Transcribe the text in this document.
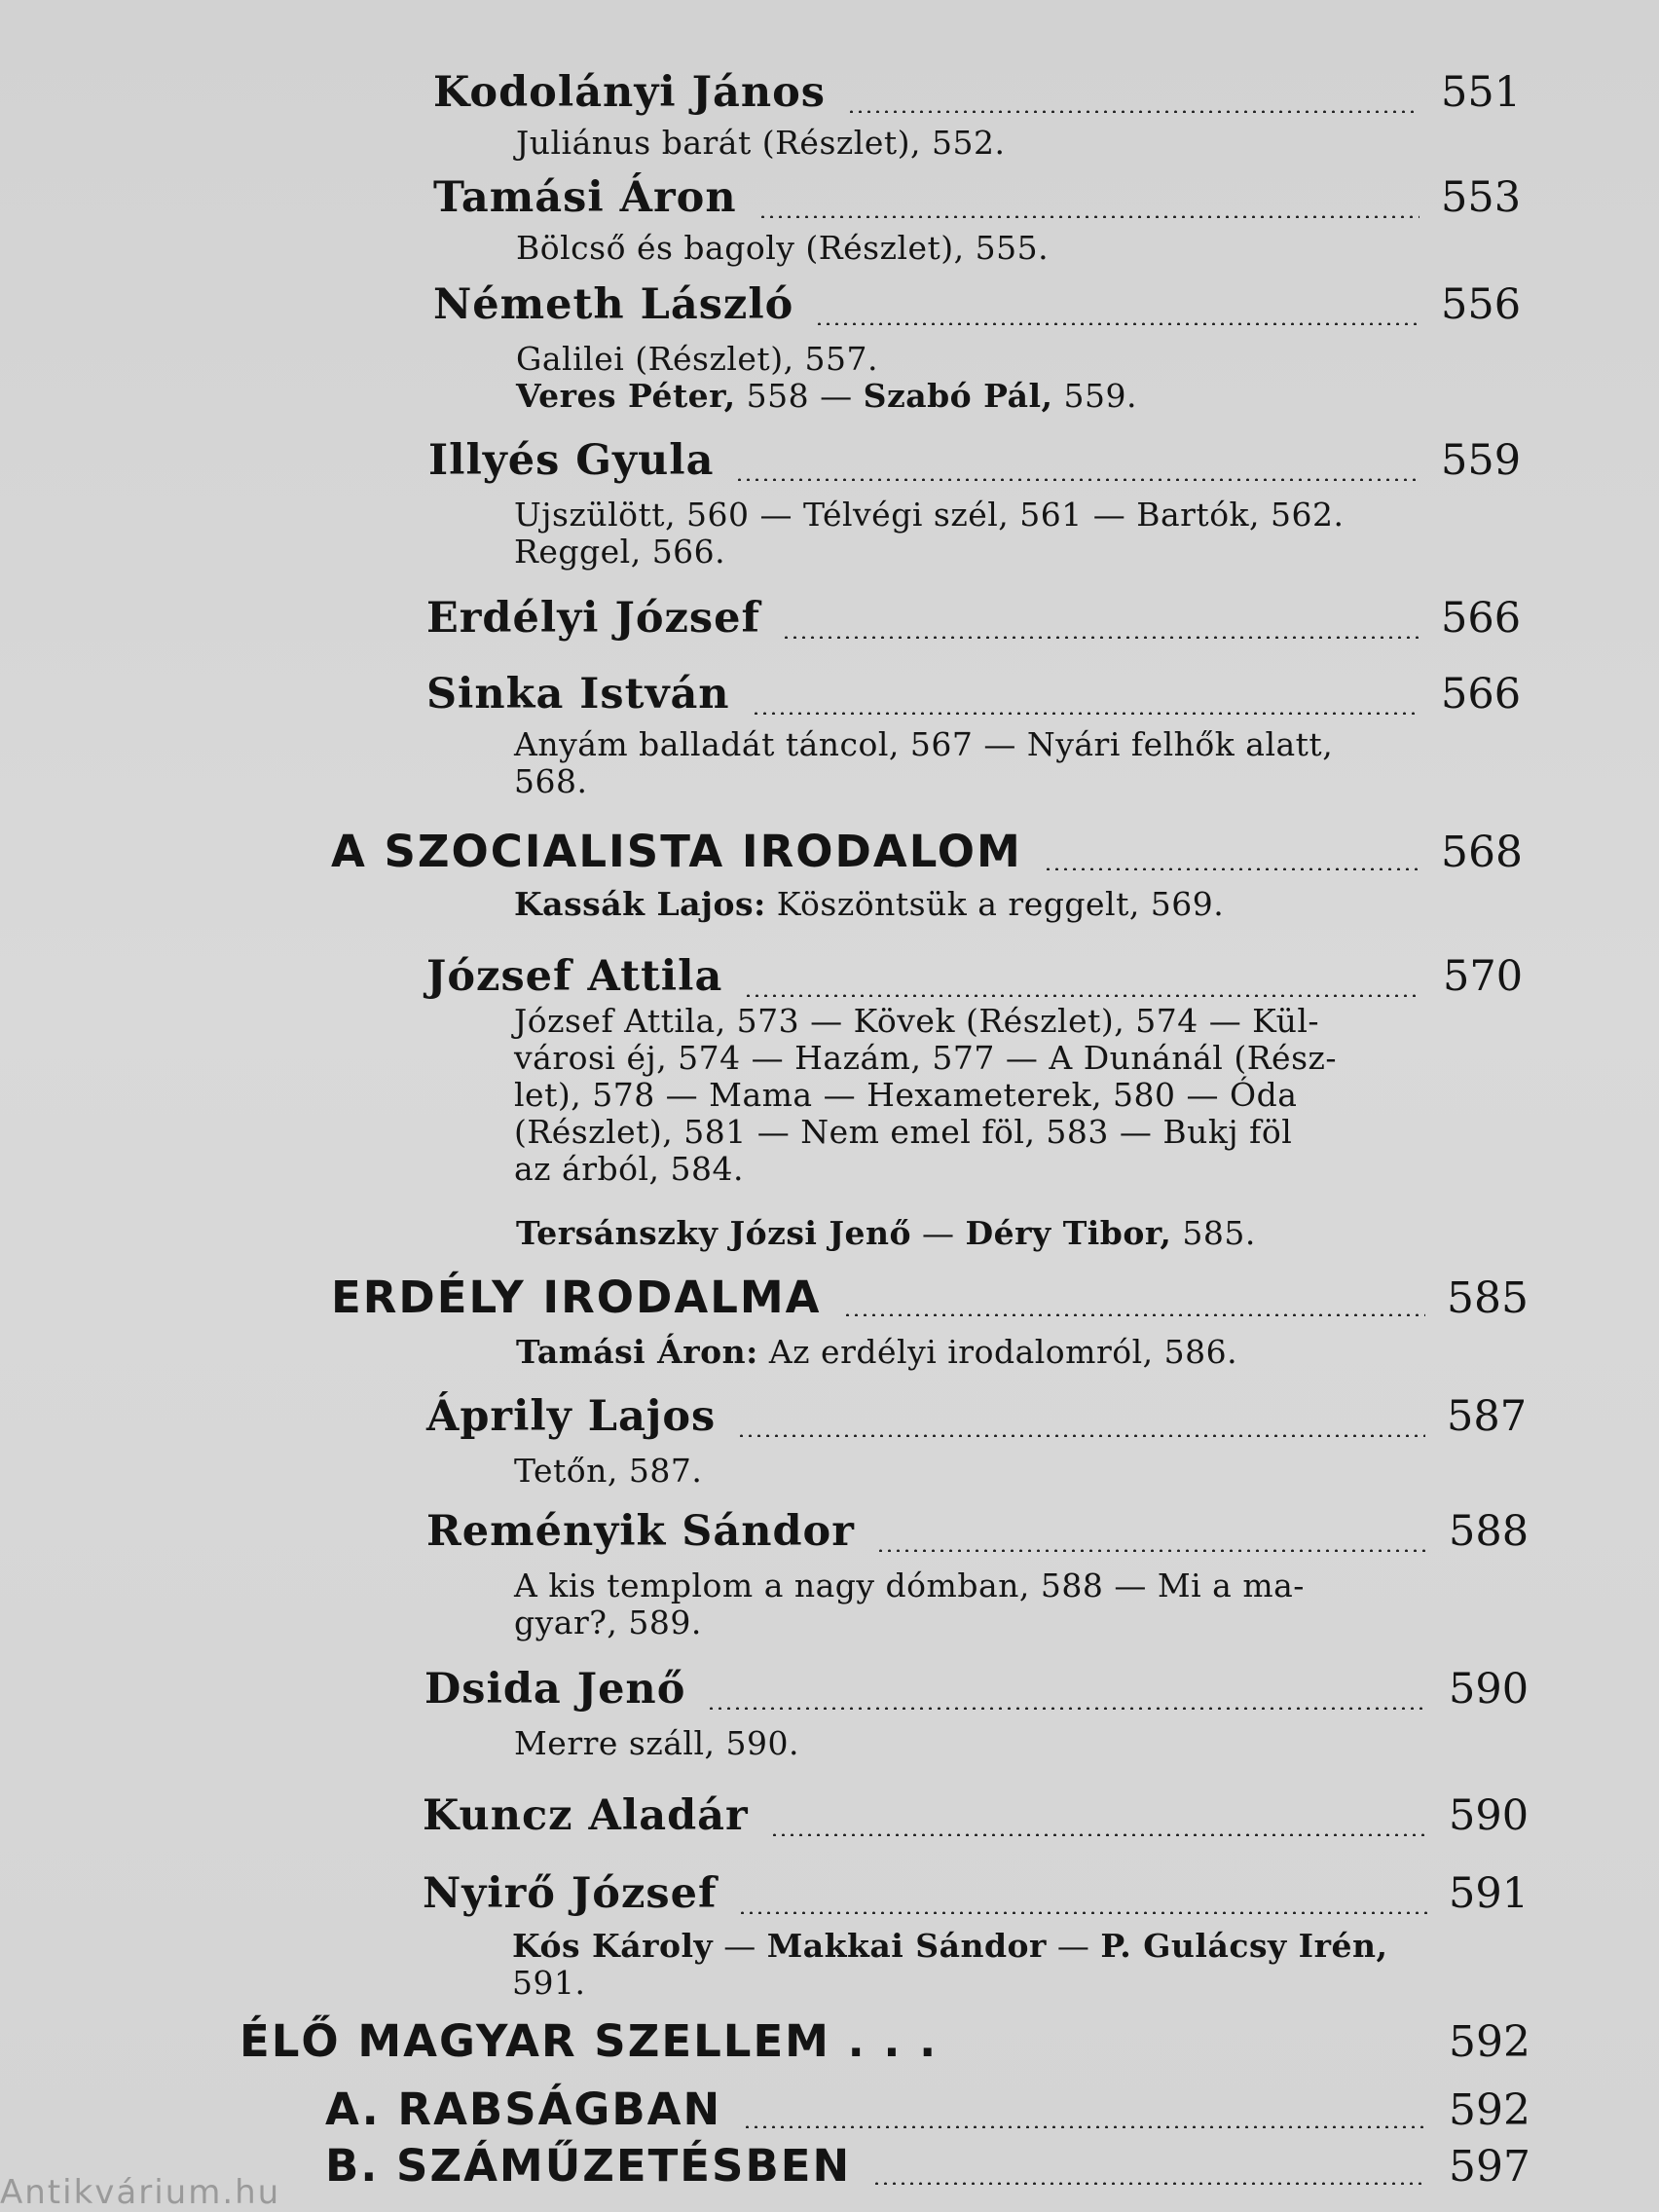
Kodolányi János	551
Juliánus barát (Részlet), 552.
Tamási Áron	553
Bölcső és bagoly (Részlet), 555.
Németh László	556
Galilei (Részlet), 557.
Veres Péter, 558 — Szabó Pál, 559.
Illyés Gyula	559
Ujszülött, 560 — Télvégi szél, 561 — Bartók, 562.
Reggel, 566.
Erdélyi József	566
Sinka István	566
Anyám balladát táncol, 567 — Nyári felhők alatt,
568.
A SZOCIALISTA IRODALOM	568
Kassák Lajos: Köszöntsük a reggelt, 569.
József Attila	570
József Attila, 573 — Kövek (Részlet), 574 — Kül-
városi éj, 574 — Hazám, 577 — A Dunánál (Rész-
let), 578 — Mama — Hexameterek, 580 — Óda
(Részlet), 581 — Nem emel föl, 583 — Bukj föl
az árból, 584.
Tersánszky Józsi Jenő — Déry Tibor, 585.
ERDÉLY IRODALMA	585
Tamási Áron: Az erdélyi irodalomról, 586.
Áprily Lajos	587
Tetőn, 587.
Reményik Sándor	588
A kis templom a nagy dómban, 588 — Mi a ma-
gyar?, 589.
Dsida Jenő	590
Merre száll, 590.
Kuncz Aladár	590
Nyirő József	591
Kós Károly — Makkai Sándor — P. Gulácsy Irén,
591.
ÉLŐ MAGYAR SZELLEM . . .	592
A. RABSÁGBAN	592
B. SZÁMŰZETÉSBEN	597
Antikvárium.hu
